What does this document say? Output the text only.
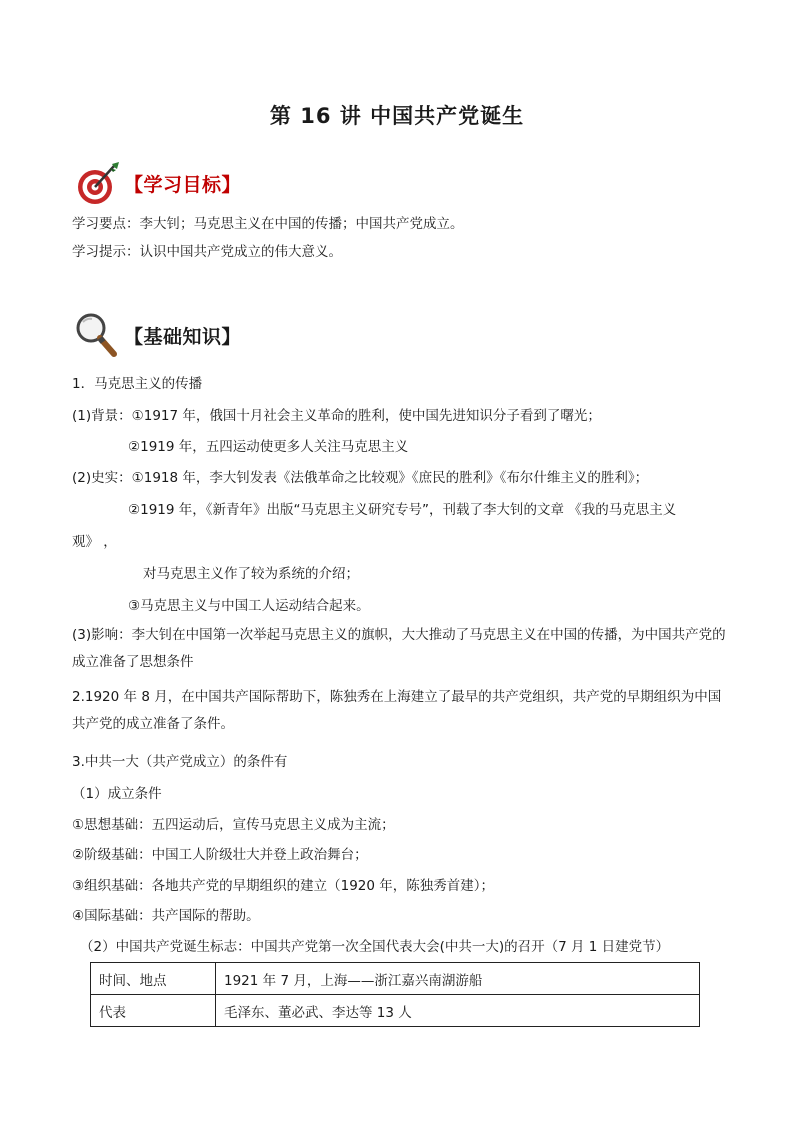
第 16 讲 中国共产党诞生
【学习目标】
学习要点：李大钊；马克思主义在中国的传播；中国共产党成立。
学习提示：认识中国共产党成立的伟大意义。
【基础知识】
1．马克思主义的传播
(1)背景：①1917 年，俄国十月社会主义革命的胜利，使中国先进知识分子看到了曙光；
②1919 年，五四运动使更多人关注马克思主义
(2)史实：①1918 年，李大钊发表《法俄革命之比较观》《庶民的胜利》《布尔什维主义的胜利》；
②1919 年，《新青年》出版“马克思主义研究专号”，刊载了李大钊的文章 《我的马克思主义
观》 ，
对马克思主义作了较为系统的介绍；
③马克思主义与中国工人运动结合起来。
(3)影响：李大钊在中国第一次举起马克思主义的旗帜，大大推动了马克思主义在中国的传播，为中国共产党的成立准备了思想条件
2.1920 年 8 月，在中国共产国际帮助下，陈独秀在上海建立了最早的共产党组织，共产党的早期组织为中国共产党的成立准备了条件。
3.中共一大（共产党成立）的条件有
（1）成立条件
①思想基础：五四运动后，宣传马克思主义成为主流；
②阶级基础：中国工人阶级壮大并登上政治舞台；
③组织基础：各地共产党的早期组织的建立（1920 年，陈独秀首建）；
④国际基础：共产国际的帮助。
（2）中国共产党诞生标志：中国共产党第一次全国代表大会(中共一大)的召开（7 月 1 日建党节）
时间、地点	1921 年 7 月，上海——浙江嘉兴南湖游船
代表	毛泽东、董必武、李达等 13 人
